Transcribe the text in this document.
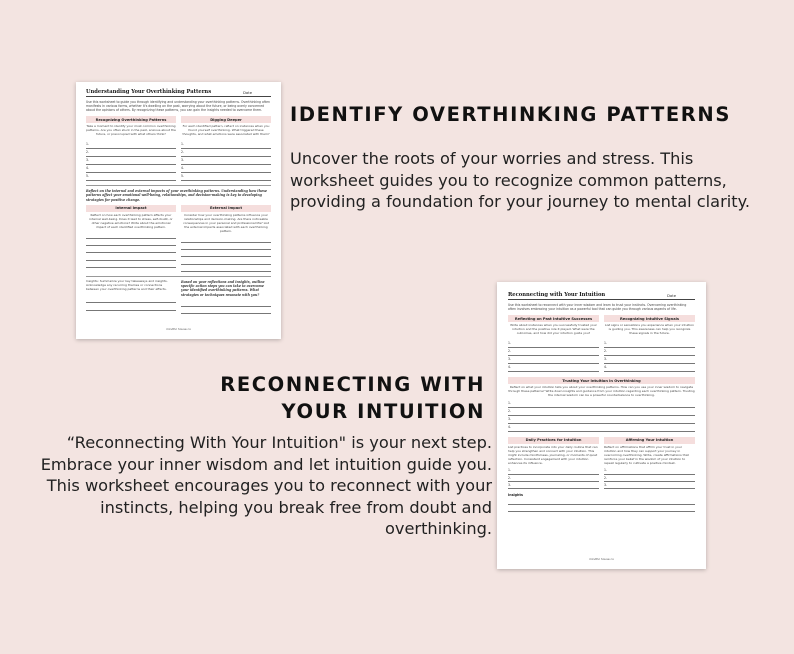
Understanding Your Overthinking Patterns	Date
Use this worksheet to guide you through identifying and understanding your overthinking patterns. Overthinking often manifests in various forms, whether it's dwelling on the past, worrying about the future, or being overly concerned about the opinions of others. By recognizing these patterns, you can gain the insights needed to overcome them.
Recognizing Overthinking Patterns
Take a moment to identify your most common overthinking patterns. Are you often stuck in the past, anxious about the future, or preoccupied with what others think?
1.
2.
3.
4.
5.
Digging Deeper
For each identified pattern, reflect on instances when you found yourself overthinking. What triggered these thoughts, and what emotions were associated with them?
1.
2.
3.
4.
5.
Reflect on the internal and external impacts of your overthinking patterns. Understanding how these patterns affect your emotional well-being, relationships, and decision-making is key to developing strategies for positive change.
Internal Impact
Reflect on how each overthinking pattern affects your internal well-being. Does it lead to stress, self-doubt, or other negative emotions? Write about the emotional impact of each identified overthinking pattern.
External Impact
Consider how your overthinking patterns influence your relationships and decision-making. Are there noticeable consequences in your personal and professional life? List the external impacts associated with each overthinking pattern.
Insights: Summarize your key takeaways and insights. Acknowledge any recurring themes or connections between your overthinking patterns and their effects.
Based on your reflections and insights, outline specific action steps you can take to overcome your identified overthinking patterns. What strategies or techniques resonate with you?
mindful house co
IDENTIFY OVERTHINKING PATTERNS
Uncover the roots of your worries and stress. This worksheet guides you to recognize common patterns, providing a foundation for your journey to mental clarity.
RECONNECTING WITH YOUR INTUITION
“Reconnecting With Your Intuition" is your next step. Embrace your inner wisdom and let intuition guide you. This worksheet encourages you to reconnect with your instincts, helping you break free from doubt and overthinking.
Reconnecting with Your Intuition	Date
Use this worksheet to reconnect with your inner wisdom and learn to trust your instincts. Overcoming overthinking often involves embracing your intuition as a powerful tool that can guide you through various aspects of life.
Reflecting on Past Intuitive Successes
Write about instances when you successfully trusted your intuition and the positive role it played. What were the outcomes, and how did your intuition guide you?
1.
2.
3.
4.
Recognizing Intuitive Signals
List signs or sensations you experience when your intuition is guiding you. This awareness can help you recognize these signals in the future.
1.
2.
3.
4.
Trusting Your Intuition in Overthinking
Reflect on what your intuition tells you about your overthinking patterns. How can you use your inner wisdom to navigate through these patterns? Write down insights and guidance from your intuition regarding each overthinking pattern. Trusting the internal wisdom can be a powerful counterbalance to overthinking.
1.
2.
3.
4.
Daily Practices for Intuition
List practices to incorporate into your daily routine that can help you strengthen and connect with your intuition. This might include mindfulness, journaling, or moments of quiet reflection. Consistent engagement with your intuition enhances its influence.
1.
2.
3.
Affirming Your Intuition
Reflect on affirmations that affirm your trust in your intuition and how they can support your journey in overcoming overthinking. Write, create affirmations that reinforce your belief in the wisdom of your intuition to repeat regularly to cultivate a positive mindset.
1.
2.
3.
Insights
mindful house co
